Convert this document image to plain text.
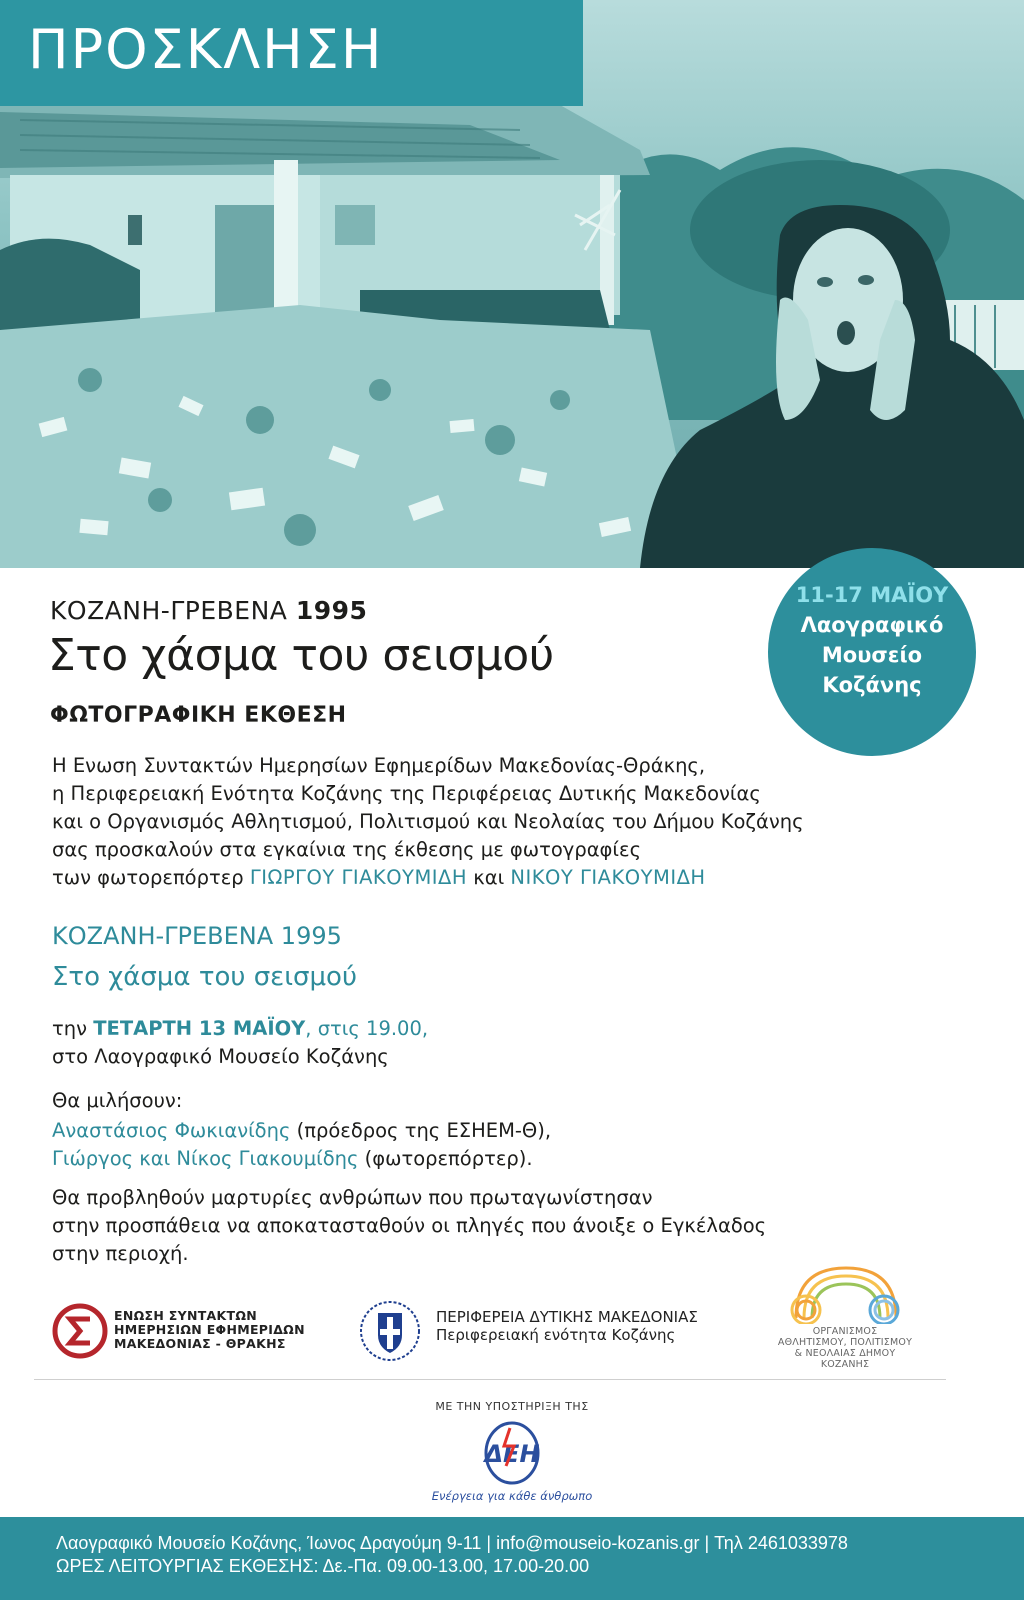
ΠΡΟΣΚΛΗΣΗ
11-17 ΜΑΪΟΥ
Λαογραφικό
Μουσείο
Κοζάνης
ΚΟΖΑΝΗ-ΓΡΕΒΕΝΑ 1995
Στο χάσμα του σεισμού
ΦΩΤΟΓΡΑΦΙΚΗ ΕΚΘΕΣΗ

Η Ενωση Συντακτών Ημερησίων Εφημερίδων Μακεδονίας-Θράκης,
η Περιφερειακή Ενότητα Κοζάνης της Περιφέρειας Δυτικής Μακεδονίας
και ο Οργανισμός Αθλητισμού, Πολιτισμού και Νεολαίας του Δήμου Κοζάνης
σας προσκαλούν στα εγκαίνια της έκθεσης με φωτογραφίες
των φωτορεπόρτερ ΓΙΩΡΓΟΥ ΓΙΑΚΟΥΜΙΔΗ και ΝΙΚΟΥ ΓΙΑΚΟΥΜΙΔΗ

ΚΟΖΑΝΗ-ΓΡΕΒΕΝΑ 1995
Στο χάσμα του σεισμού

την ΤΕΤΑΡΤΗ 13 ΜΑΪΟΥ, στις 19.00,
στο Λαογραφικό Μουσείο Κοζάνης

Θα μιλήσουν:

Αναστάσιος Φωκιανίδης (πρόεδρος της ΕΣΗΕΜ-Θ),
Γιώργος και Νίκος Γιακουμίδης (φωτορεπόρτερ).

Θα προβληθούν μαρτυρίες ανθρώπων που πρωταγωνίστησαν
στην προσπάθεια να αποκατασταθούν οι πληγές που άνοιξε ο Εγκέλαδος
στην περιοχή.

ΕΝΩΣΗ ΣΥΝΤΑΚΤΩΝ
ΗΜΕΡΗΣΙΩΝ ΕΦΗΜΕΡΙΔΩΝ
ΜΑΚΕΔΟΝΙΑΣ - ΘΡΑΚΗΣ
ΠΕΡΙΦΕΡΕΙΑ ΔΥΤΙΚΗΣ ΜΑΚΕΔΟΝΙΑΣ
Περιφερειακή ενότητα Κοζάνης	ΟΡΓΑΝΙΣΜΟΣ
ΑΘΛΗΤΙΣΜΟΥ, ΠΟΛΙΤΙΣΜΟΥ
& ΝΕΟΛΑΙΑΣ ΔΗΜΟΥ ΚΟΖΑΝΗΣ
ΜΕ ΤΗΝ ΥΠΟΣΤΗΡΙΞΗ ΤΗΣ
ΔΕΗ
Ενέργεια για κάθε άνθρωπο
Λαογραφικό Μουσείο Κοζάνης, Ίωνος Δραγούμη 9-11 | info@mouseio-kozanis.gr | Τηλ 2461033978
ΩΡΕΣ ΛΕΙΤΟΥΡΓΙΑΣ ΕΚΘΕΣΗΣ: Δε.-Πα. 09.00-13.00, 17.00-20.00
